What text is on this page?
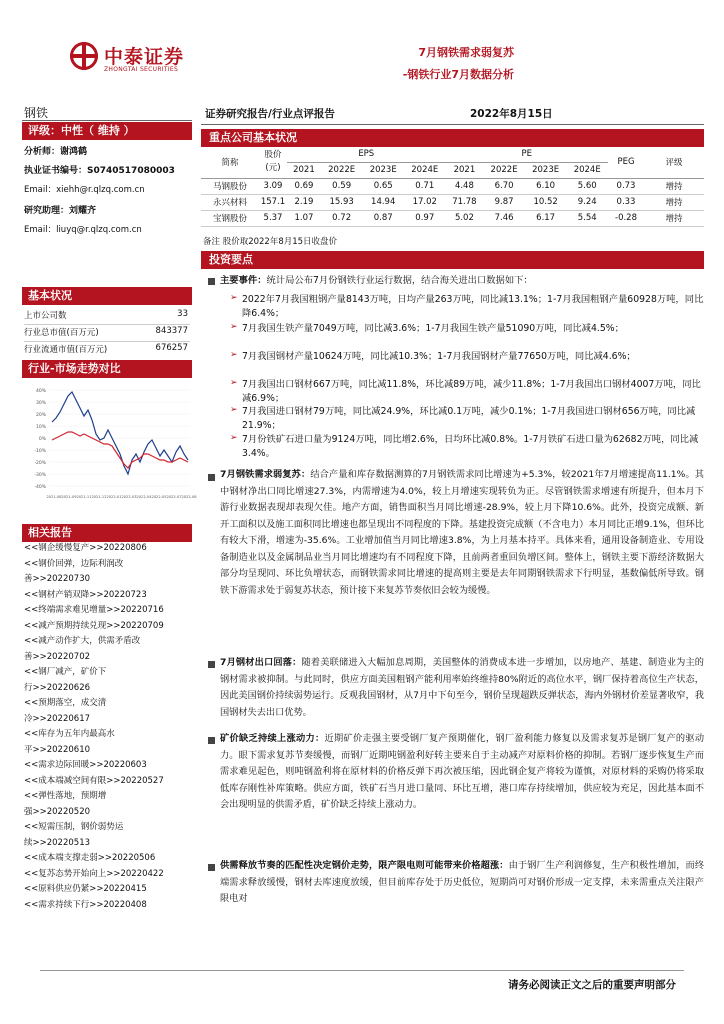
中泰证券
ZHONGTAI SECURITIES
7月钢铁需求弱复苏
-钢铁行业7月数据分析
钢铁
评级：中性（ 维持 ）
分析师：谢鸿鹤
执业证书编号：S0740517080003
Email：xiehh@r.qlzq.com.cn
研究助理：刘耀齐
Email：liuyq@r.qlzq.com.cn
基本状况
上市公司数	33
行业总市值(百万元)	843377
行业流通市值(百万元)	676257
行业-市场走势对比
40%
30%
20%
10%
0%
-10%
-20%
-30%
-40%
2021-08 2021-09 2021-11 2021-12 2022-01 2022-03 2022-04 2022-05 2022-07 2022-08
相关报告
<<钢企缓慢复产>>20220806
<<钢价回弹，边际利润改
善>>20220730
<<钢材产销双降>>20220723
<<终端需求难见增量>>20220716
<<减产预期持续兑现>>20220709
<<减产动作扩大，供需矛盾改
善>>20220702
<<钢厂减产，矿价下
行>>20220626
<<预期落空，成交清
冷>>20220617
<<库存为五年内最高水
平>>20220610
<<需求边际回暖>>20220603
<<成本端减空间有限>>20220527
<<弹性落地，预期增
强>>20220520
<<短需压制，钢价弱势运
续>>20220513
<<成本端支撑走弱>>20220506
<<复苏态势开始向上>>20220422
<<原料供应仍紧>>20220415
<<需求持续下行>>20220408
证券研究报告/行业点评报告	2022年8月15日
重点公司基本状况
简称	股价
(元)	EPS				PE				PEG	评级
		2021	2022E	2023E	2024E	2021	2022E	2023E	2024E		
马钢股份	3.09	0.69	0.59	0.65	0.71	4.48	6.70	6.10	5.60	0.73	增持
永兴材料	157.1	2.19	15.93	14.94	17.02	71.78	9.87	10.52	9.24	0.33	增持
宝钢股份	5.37	1.07	0.72	0.87	0.97	5.02	7.46	6.17	5.54	-0.28	增持
备注 股价取2022年8月15日收盘价
投资要点
主要事件：统计局公布7月份钢铁行业运行数据，结合海关进出口数据如下：
➢ 2022年7月我国粗钢产量8143万吨，日均产量263万吨，同比减13.1%；1-7月我国粗钢产量60928万吨，同比降6.4%；
➢ 7月我国生铁产量7049万吨，同比减3.6%；1-7月我国生铁产量51090万吨，同比减4.5%；
➢ 7月我国钢材产量10624万吨，同比减10.3%；1-7月我国钢材产量77650万吨，同比减4.6%；
➢ 7月我国出口钢材667万吨，同比减11.8%，环比减89万吨，减少11.8%；1-7月我国出口钢材4007万吨，同比减6.9%；
➢ 7月我国进口钢材79万吨，同比减24.9%，环比减0.1万吨，减少0.1%；1-7月我国进口钢材656万吨，同比减21.9%；
➢ 7月份铁矿石进口量为9124万吨，同比增2.6%，日均环比减0.8%。1-7月铁矿石进口量为62682万吨，同比减3.4%。
7月钢铁需求弱复苏：结合产量和库存数据测算的7月钢铁需求同比增速为+5.3%，较2021年7月增速提高11.1%。其中钢材净出口同比增速27.3%，内需增速为4.0%，较上月增速实现转负为正。尽管钢铁需求增速有所提升，但本月下游行业数据表现却表现欠佳。地产方面，销售面积当月同比增速-28.9%，较上月下降10.6%。此外，投资完成额、新开工面积以及施工面积同比增速也都呈现出不同程度的下降。基建投资完成额（不含电力）本月同比正增9.1%，但环比有较大下滑，增速为-35.6%。工业增加值当月同比增速3.8%，为上月基本持平。具体来看，通用设备制造业、专用设备制造业以及金属制品业当月同比增速均有不同程度下降，且前两者重回负增区间。整体上，钢铁主要下游经济数据大部分均呈现同、环比负增状态，而钢铁需求同比增速的提高则主要是去年同期钢铁需求下行明显，基数偏低所导致。钢铁下游需求处于弱复苏状态，预计接下来复苏节奏依旧会较为缓慢。
7月钢材出口回落：随着美联储进入大幅加息周期，美国整体的消费成本进一步增加，以房地产、基建、制造业为主的钢材需求被抑制。与此同时，供应方面美国粗钢产能利用率始终维持80%附近的高位水平，钢厂保持着高位生产状态，因此美国钢价持续弱势运行。反观我国钢材，从7月中下旬至今，钢价呈现超跌反弹状态，海内外钢材价差显著收窄，我国钢材失去出口优势。
矿价缺乏持续上涨动力：近期矿价走强主要受钢厂复产预期催化，钢厂盈利能力修复以及需求复苏是钢厂复产的驱动力。眼下需求复苏节奏缓慢，而钢厂近期吨钢盈利好转主要来自于主动减产对原料价格的抑制。若钢厂逐步恢复生产而需求难见起色，则吨钢盈利将在原材料的价格反弹下再次被压缩，因此钢企复产将较为谨慎，对原材料的采购仍将采取低库存刚性补库策略。供应方面，铁矿石当月进口量同、环比互增，港口库存持续增加，供应较为充足，因此基本面不会出现明显的供需矛盾，矿价缺乏持续上涨动力。
供需释放节奏的匹配性决定钢价走势，限产限电则可能带来价格超涨：由于钢厂生产利润修复，生产积极性增加，而终端需求释放缓慢，钢材去库速度放缓，但目前库存处于历史低位，短期尚可对钢价形成一定支撑，未来需重点关注限产限电对
请务必阅读正文之后的重要声明部分
